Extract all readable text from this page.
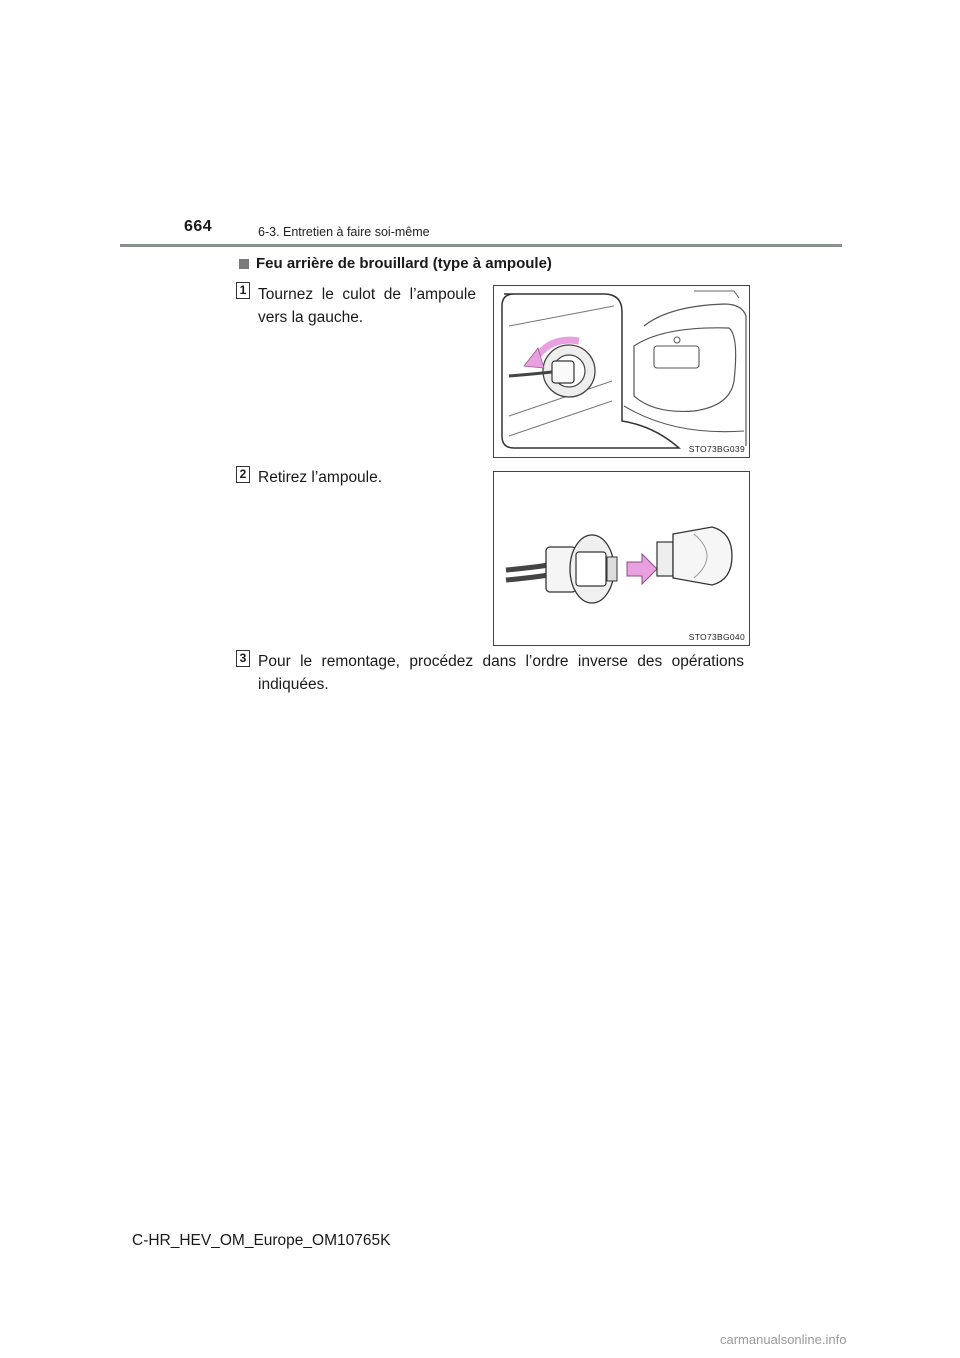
664	6-3. Entretien à faire soi-même
Feu arrière de brouillard (type à ampoule)
1 Tournez le culot de l’ampoule vers la gauche.
STO73BG039
2 Retirez l’ampoule.
STO73BG040
3 Pour le remontage, procédez dans l’ordre inverse des opérations indiquées.
C-HR_HEV_OM_Europe_OM10765K
carmanualsonline.info
